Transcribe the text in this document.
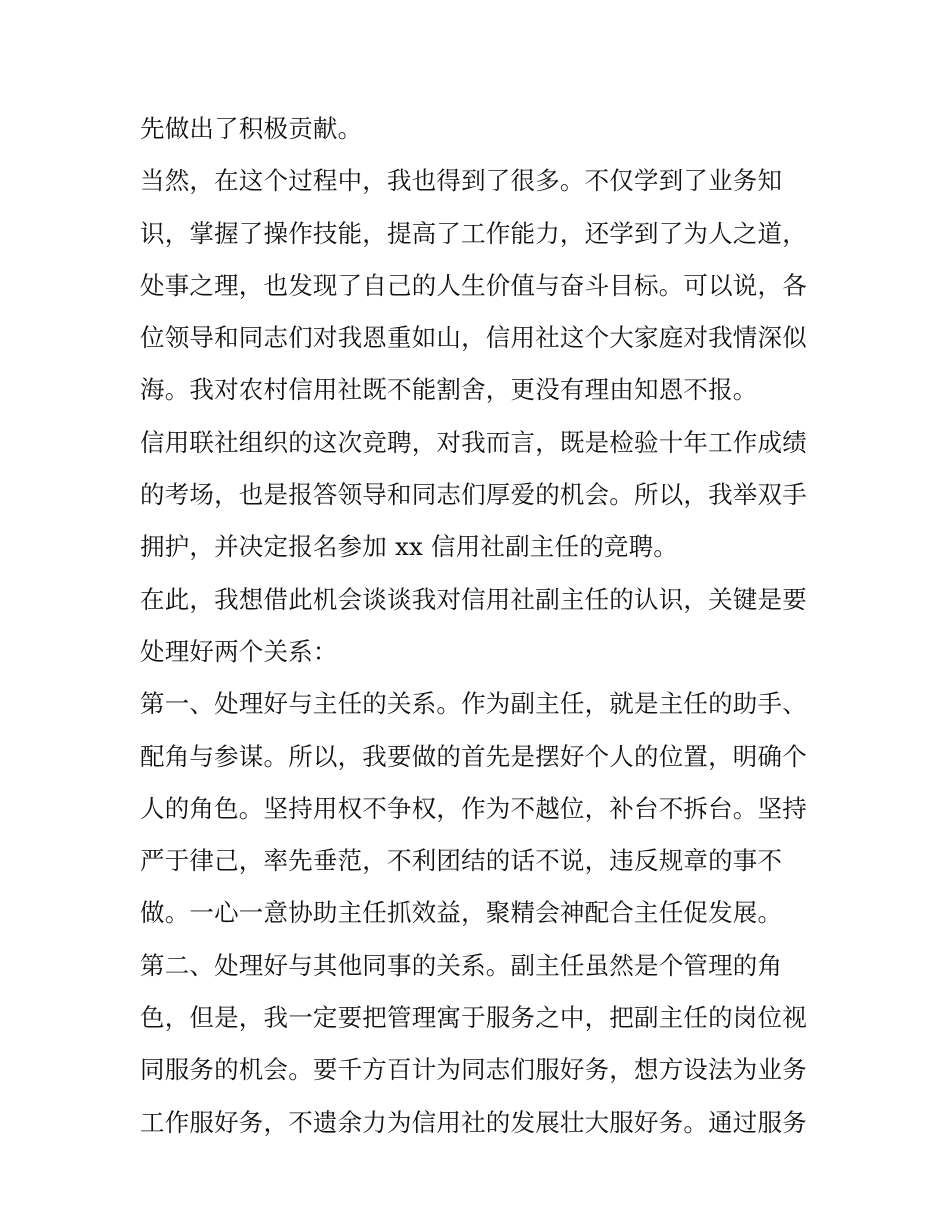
先做出了积极贡献。
当然，在这个过程中，我也得到了很多。不仅学到了业务知
识，掌握了操作技能，提高了工作能力，还学到了为人之道，
处事之理，也发现了自己的人生价值与奋斗目标。可以说，各
位领导和同志们对我恩重如山，信用社这个大家庭对我情深似
海。我对农村信用社既不能割舍，更没有理由知恩不报。
信用联社组织的这次竞聘，对我而言，既是检验十年工作成绩
的考场，也是报答领导和同志们厚爱的机会。所以，我举双手
拥护，并决定报名参加 xx 信用社副主任的竞聘。
在此，我想借此机会谈谈我对信用社副主任的认识，关键是要
处理好两个关系：
第一、处理好与主任的关系。作为副主任，就是主任的助手、
配角与参谋。所以，我要做的首先是摆好个人的位置，明确个
人的角色。坚持用权不争权，作为不越位，补台不拆台。坚持
严于律己，率先垂范，不利团结的话不说，违反规章的事不
做。一心一意协助主任抓效益，聚精会神配合主任促发展。
第二、处理好与其他同事的关系。副主任虽然是个管理的角
色，但是，我一定要把管理寓于服务之中，把副主任的岗位视
同服务的机会。要千方百计为同志们服好务，想方设法为业务
工作服好务，不遗余力为信用社的发展壮大服好务。通过服务
